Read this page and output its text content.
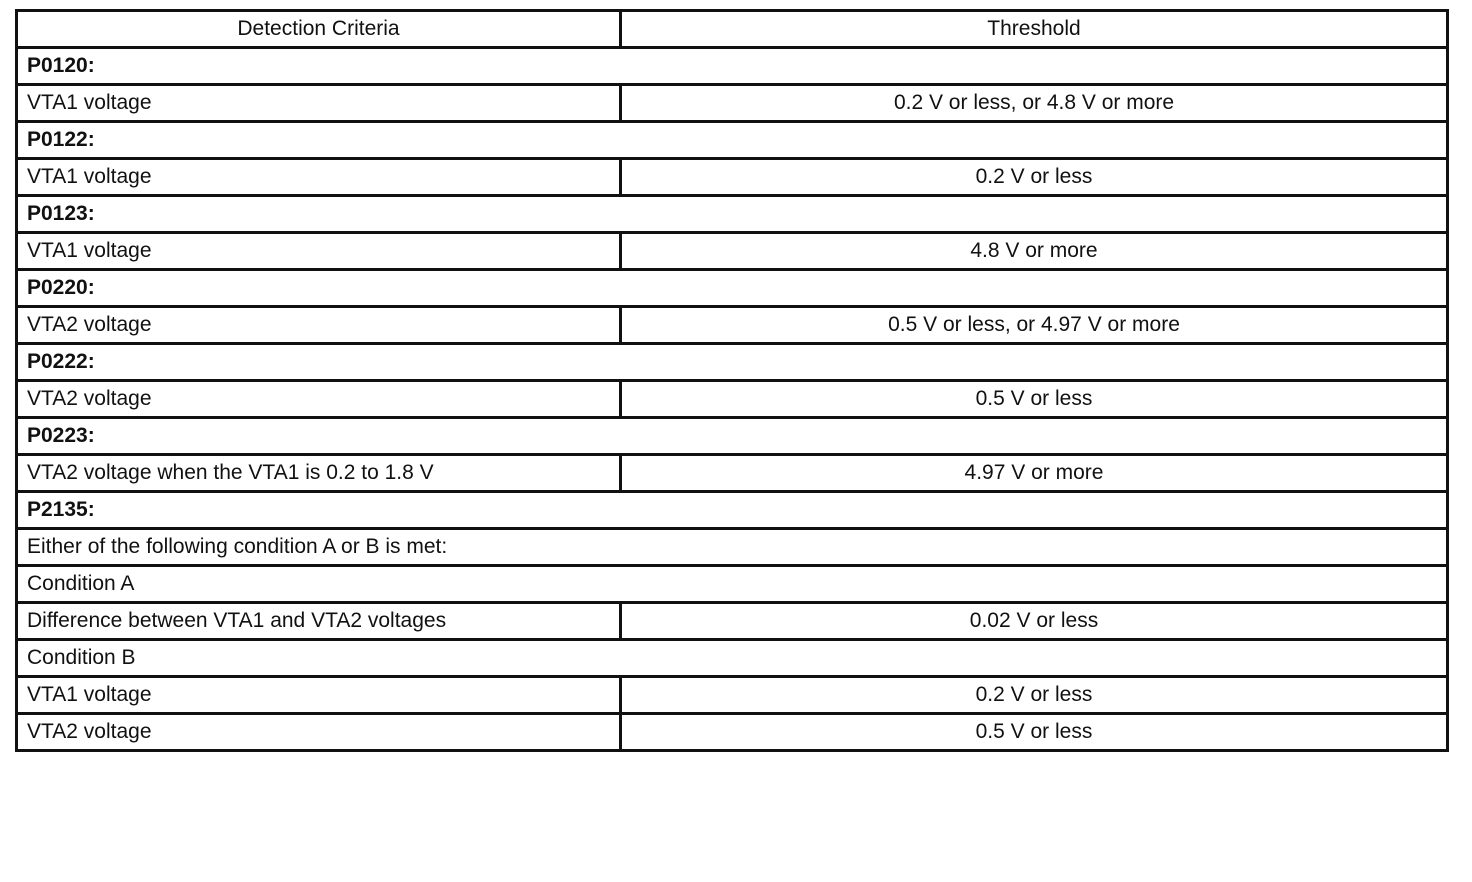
Detection Criteria	Threshold
P0120:	
VTA1 voltage	0.2 V or less, or 4.8 V or more
P0122:	
VTA1 voltage	0.2 V or less
P0123:	
VTA1 voltage	4.8 V or more
P0220:	
VTA2 voltage	0.5 V or less, or 4.97 V or more
P0222:	
VTA2 voltage	0.5 V or less
P0223:	
VTA2 voltage when the VTA1 is 0.2 to 1.8 V	4.97 V or more
P2135:	
Either of the following condition A or B is met:	
Condition A	
Difference between VTA1 and VTA2 voltages	0.02 V or less
Condition B	
VTA1 voltage	0.2 V or less
VTA2 voltage	0.5 V or less
